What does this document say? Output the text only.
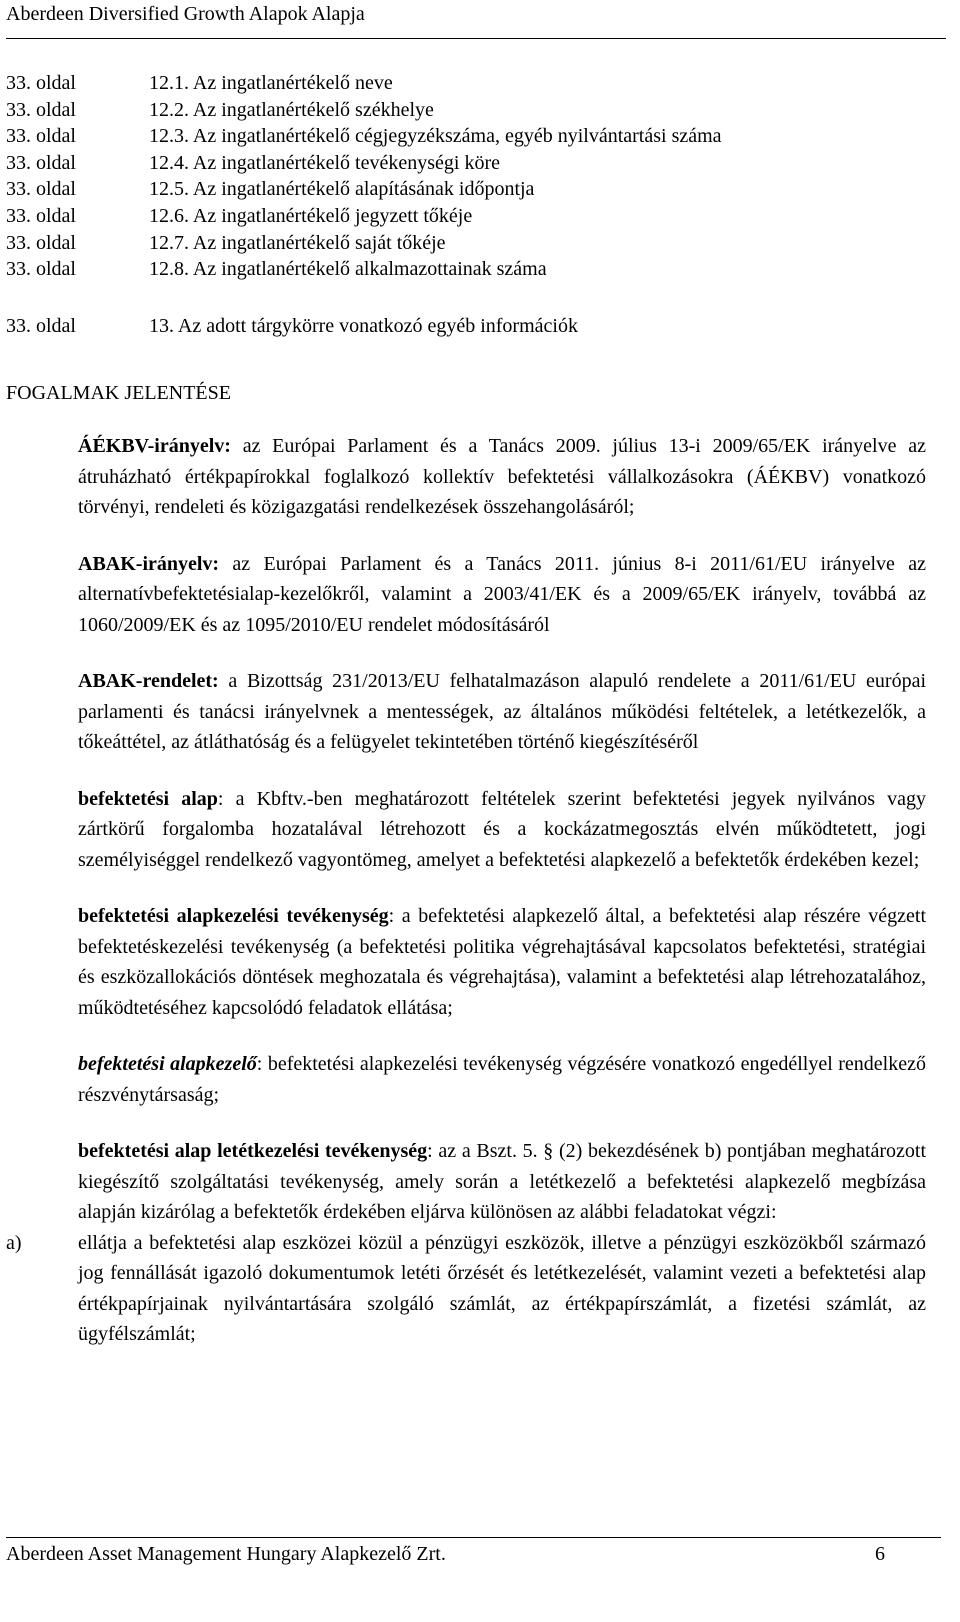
Aberdeen Diversified Growth Alapok Alapja
33. oldal	12.1. Az ingatlanértékelő neve
33. oldal	12.2. Az ingatlanértékelő székhelye
33. oldal	12.3. Az ingatlanértékelő cégjegyzékszáma, egyéb nyilvántartási száma
33. oldal	12.4. Az ingatlanértékelő tevékenységi köre
33. oldal	12.5. Az ingatlanértékelő alapításának időpontja
33. oldal	12.6. Az ingatlanértékelő jegyzett tőkéje
33. oldal	12.7. Az ingatlanértékelő saját tőkéje
33. oldal	12.8. Az ingatlanértékelő alkalmazottainak száma
33. oldal	13. Az adott tárgykörre vonatkozó egyéb információk
FOGALMAK JELENTÉSE

ÁÉKBV-irányelv: az Európai Parlament és a Tanács 2009. július 13-i 2009/65/EK irányelve az átruházható értékpapírokkal foglalkozó kollektív befektetési vállalkozásokra (ÁÉKBV) vonatkozó törvényi, rendeleti és közigazgatási rendelkezések összehangolásáról;

ABAK-irányelv: az Európai Parlament és a Tanács 2011. június 8-i 2011/61/EU irányelve az alternatívbefektetésialap-kezelőkről, valamint a 2003/41/EK és a 2009/65/EK irányelv, továbbá az 1060/2009/EK és az 1095/2010/EU rendelet módosításáról

ABAK-rendelet: a Bizottság 231/2013/EU felhatalmazáson alapuló rendelete a 2011/61/EU európai parlamenti és tanácsi irányelvnek a mentességek, az általános működési feltételek, a letétkezelők, a tőkeáttétel, az átláthatóság és a felügyelet tekintetében történő kiegészítéséről

befektetési alap: a Kbftv.-ben meghatározott feltételek szerint befektetési jegyek nyilvános vagy zártkörű forgalomba hozatalával létrehozott és a kockázatmegosztás elvén működtetett, jogi személyiséggel rendelkező vagyontömeg, amelyet a befektetési alapkezelő a befektetők érdekében kezel;

befektetési alapkezelési tevékenység: a befektetési alapkezelő által, a befektetési alap részére végzett befektetéskezelési tevékenység (a befektetési politika végrehajtásával kapcsolatos befektetési, stratégiai és eszközallokációs döntések meghozatala és végrehajtása), valamint a befektetési alap létrehozatalához, működtetéséhez kapcsolódó feladatok ellátása;

befektetési alapkezelő: befektetési alapkezelési tevékenység végzésére vonatkozó engedéllyel rendelkező részvénytársaság;

befektetési alap letétkezelési tevékenység: az a Bszt. 5. § (2) bekezdésének b) pontjában meghatározott kiegészítő szolgáltatási tevékenység, amely során a letétkezelő a befektetési alapkezelő megbízása alapján kizárólag a befektetők érdekében eljárva különösen az alábbi feladatokat végzi:

a)	ellátja a befektetési alap eszközei közül a pénzügyi eszközök, illetve a pénzügyi eszközökből származó jog fennállását igazoló dokumentumok letéti őrzését és letétkezelését, valamint vezeti a befektetési alap értékpapírjainak nyilvántartására szolgáló számlát, az értékpapírszámlát, a fizetési számlát, az ügyfélszámlát;

Aberdeen Asset Management Hungary Alapkezelő Zrt.	6
